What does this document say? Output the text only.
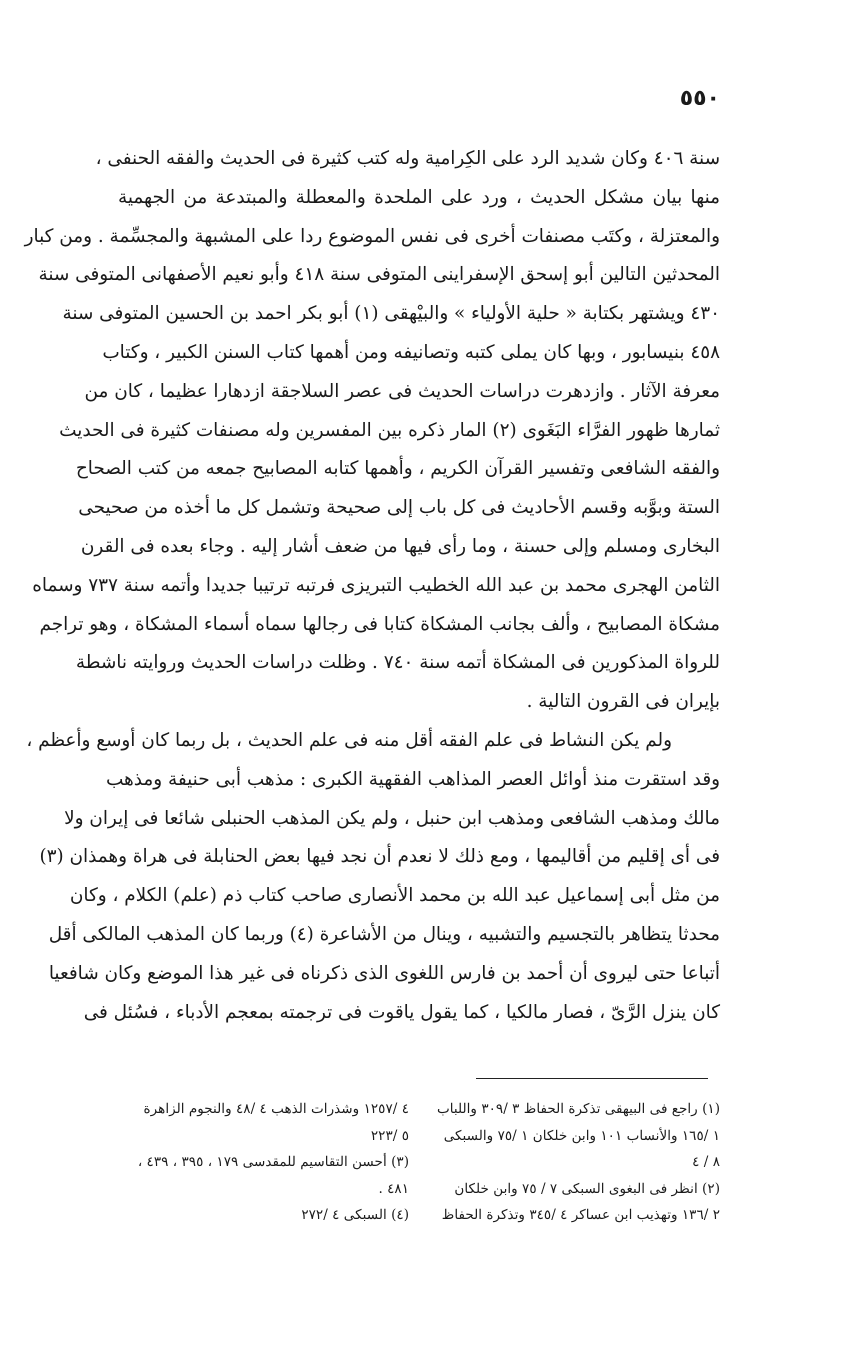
٥٥٠
سنة ٤٠٦ وكان شديد الرد على الكِرامية وله كتب كثيرة فى الحديث والفقه الحنفى ،
منها بيان مشكل الحديث ، ورد على الملحدة والمعطلة والمبتدعة من الجهمية
والمعتزلة ، وكتَب مصنفات أخرى فى نفس الموضوع ردا على المشبهة والمجسِّمة . ومن كبار
المحدثين التالين أبو إسحق الإسفراينى المتوفى سنة ٤١٨ وأبو نعيم الأصفهانى المتوفى سنة
٤٣٠ ويشتهر بكتابة « حلية الأولياء » والبيْهقى (١) أبو بكر احمد بن الحسين المتوفى سنة
٤٥٨ بنيسابور ، وبها كان يملى كتبه وتصانيفه ومن أهمها كتاب السنن الكبير ، وكتاب
معرفة الآثار . وازدهرت دراسات الحديث فى عصر السلاجقة ازدهارا عظيما ، كان من
ثمارها ظهور الفرَّاء البَغَوى (٢) المار ذكره بين المفسرين وله مصنفات كثيرة فى الحديث
والفقه الشافعى وتفسير القرآن الكريم ، وأهمها كتابه المصابيح جمعه من كتب الصحاح
الستة وبوَّبه وقسم الأحاديث فى كل باب إلى صحيحة وتشمل كل ما أخذه من صحيحى
البخارى ومسلم وإلى حسنة ، وما رأى فيها من ضعف أشار إليه . وجاء بعده فى القرن
الثامن الهجرى محمد بن عبد الله الخطيب التبريزى فرتبه ترتيبا جديدا وأتمه سنة ٧٣٧ وسماه
مشكاة المصابيح ، وألف بجانب المشكاة كتابا فى رجالها سماه أسماء المشكاة ، وهو تراجم
للرواة المذكورين فى المشكاة أتمه سنة ٧٤٠ . وظلت دراسات الحديث وروايته ناشطة
بإيران فى القرون التالية .
ولم يكن النشاط فى علم الفقه أقل منه فى علم الحديث ، بل ربما كان أوسع وأعظم ،
وقد استقرت منذ أوائل العصر المذاهب الفقهية الكبرى : مذهب أبى حنيفة ومذهب
مالك ومذهب الشافعى ومذهب ابن حنبل ، ولم يكن المذهب الحنبلى شائعا فى إيران ولا
فى أى إقليم من أقاليمها ، ومع ذلك لا نعدم أن نجد فيها بعض الحنابلة فى هراة وهمذان (٣)
من مثل أبى إسماعيل عبد الله بن محمد الأنصارى صاحب كتاب ذم (علم) الكلام ، وكان
محدثا يتظاهر بالتجسيم والتشبيه ، وينال من الأشاعرة (٤) وربما كان المذهب المالكى أقل
أتباعا حتى ليروى أن أحمد بن فارس اللغوى الذى ذكرناه فى غير هذا الموضع وكان شافعيا
كان ينزل الرَّىّ ، فصار مالكيا ، كما يقول ياقوت فى ترجمته بمعجم الأدباء ، فسُئل فى
(١) راجع فى البيهقى تذكرة الحفاظ ٣ /٣٠٩ واللباب
١ /١٦٥ والأنساب ١٠١ وابن خلكان ١ /٧٥ والسبكى
٨ / ٤
(٢) انظر فى البغوى السبكى ٧ / ٧٥ وابن خلكان
٢ /١٣٦ وتهذيب ابن عساكر ٤ /٣٤٥ وتذكرة الحفاظ
٤ /١٢٥٧ وشذرات الذهب ٤ /٤٨ والنجوم الزاهرة
٥ /٢٢٣
(٣) أحسن التقاسيم للمقدسى ١٧٩ ، ٣٩٥ ، ٤٣٩ ،
٤٨١ .
(٤) السبكى ٤ /٢٧٢
